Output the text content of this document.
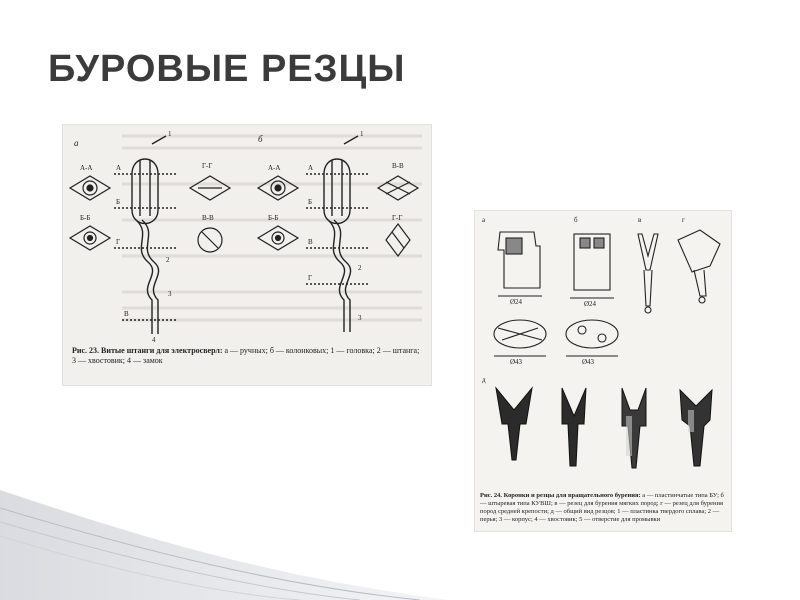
БУРОВЫЕ РЕЗЦЫ
а	б
А-А
Б-Б
А
Б
Г
В
1
2
3
4
Г-Г
В-В
А-А
Б-Б
А
Б
В
Г
1
2
3
В-В
Г-Г
Рис. 23. Витые штанги для электросверл: а — ручных; б — колонковых; 1 — головка; 2 — штанга; 3 — хвостовик; 4 — замок
а	б	в	г
д
Ø24	Ø24
Ø43	Ø43
Рис. 24. Коронки и резцы для вращательного бурения: а — пластинчатые типа БУ; б — штыревая типа КУВШ; в — резец для бурения мягких пород; г — резец для бурения пород средней крепости; д — общий вид резцов; 1 — пластинка твердого сплава; 2 — перья; 3 — корпус; 4 — хвостовик; 5 — отверстие для промывки
